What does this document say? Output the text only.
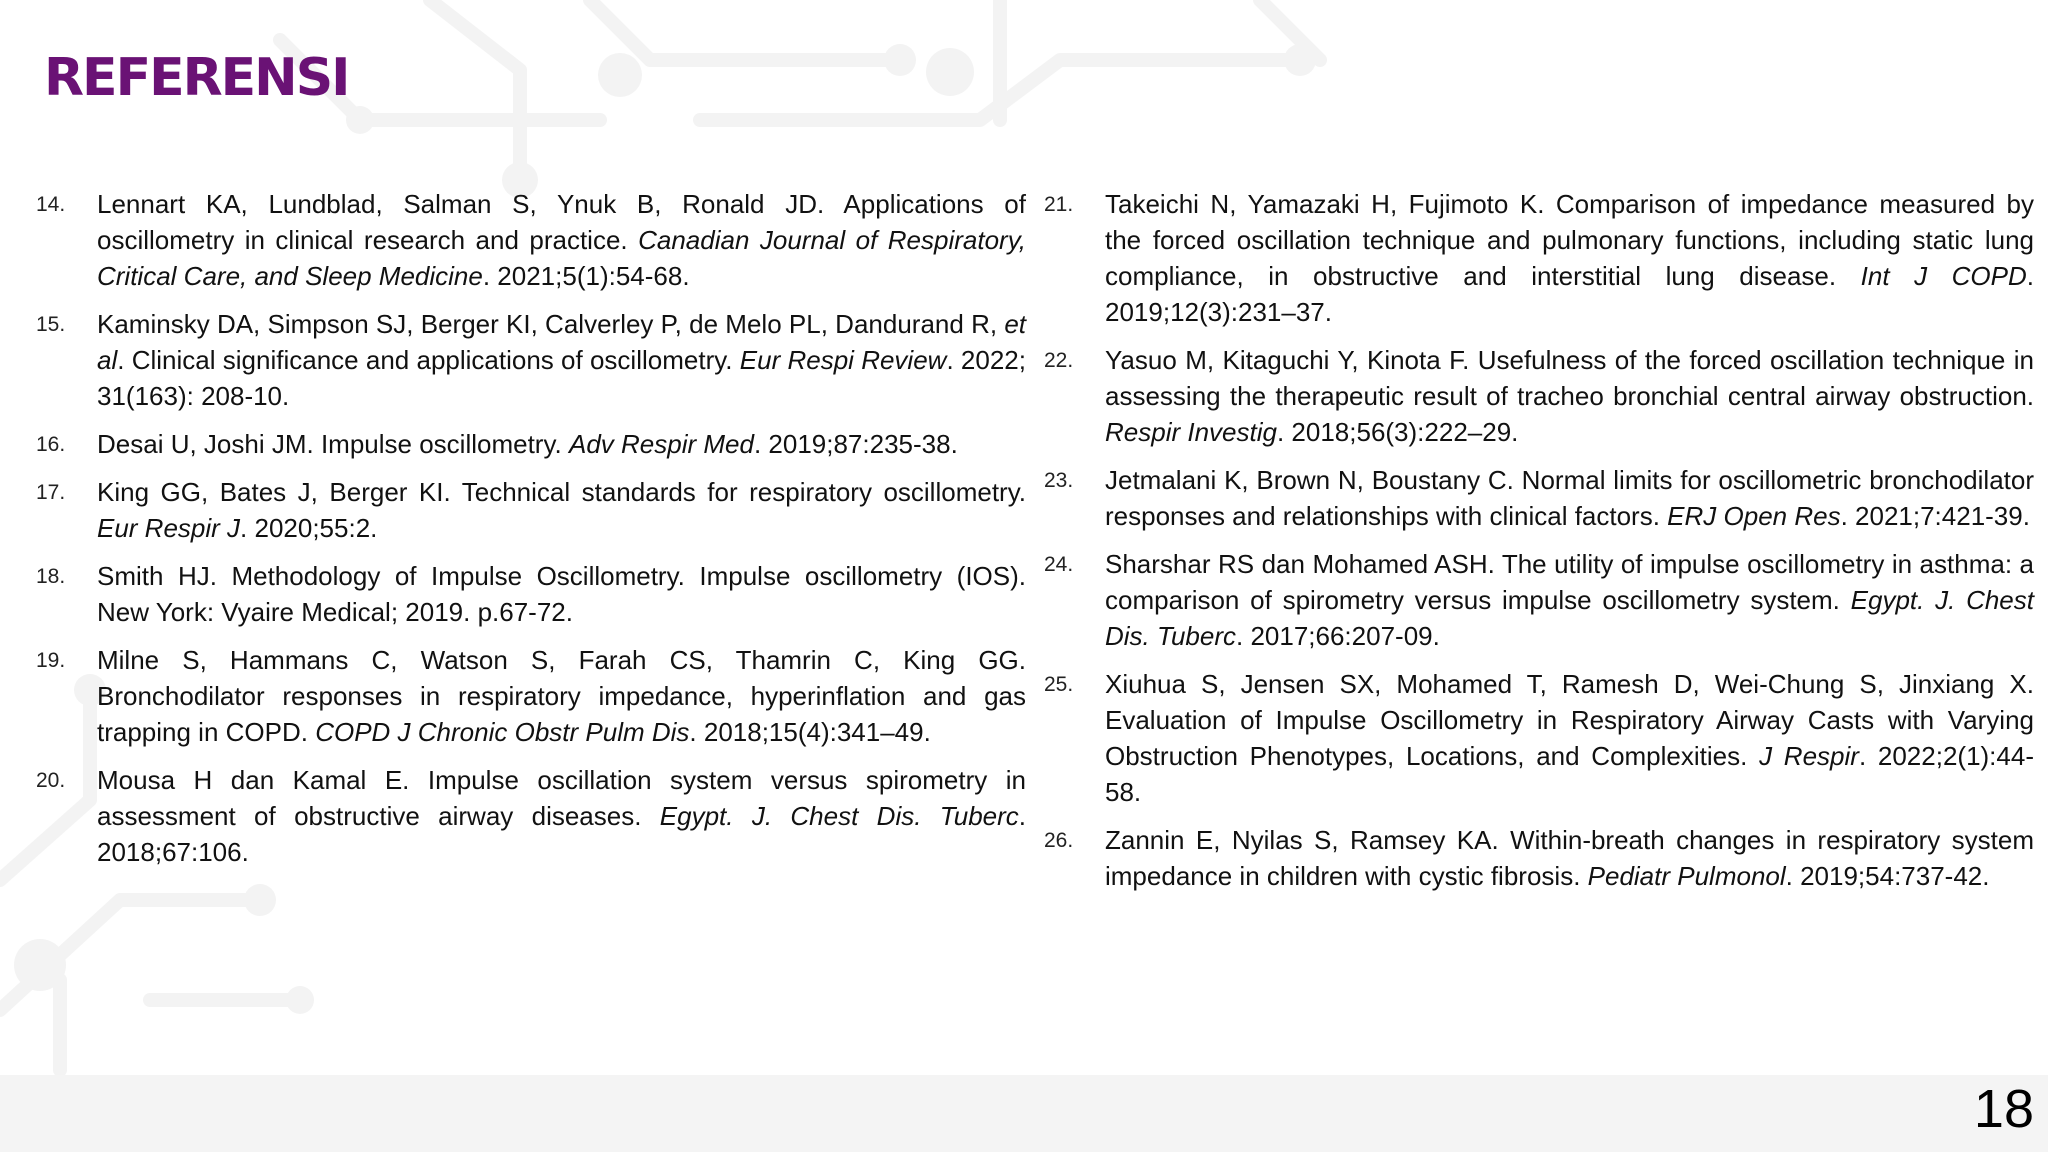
REFERENSI
14. Lennart KA, Lundblad, Salman S, Ynuk B, Ronald JD. Applications of oscillometry in clinical research and practice. Canadian Journal of Respiratory, Critical Care, and Sleep Medicine. 2021;5(1):54-68.
15. Kaminsky DA, Simpson SJ, Berger KI, Calverley P, de Melo PL, Dandurand R, et al. Clinical significance and applications of oscillometry. Eur Respi Review. 2022; 31(163): 208-10.
16. Desai U, Joshi JM. Impulse oscillometry. Adv Respir Med. 2019;87:235-38.
17. King GG, Bates J, Berger KI. Technical standards for respiratory oscillometry. Eur Respir J. 2020;55:2.
18. Smith HJ. Methodology of Impulse Oscillometry. Impulse oscillometry (IOS). New York: Vyaire Medical; 2019. p.67-72.
19. Milne S, Hammans C, Watson S, Farah CS, Thamrin C, King GG. Bronchodilator responses in respiratory impedance, hyperinflation and gas trapping in COPD. COPD J Chronic Obstr Pulm Dis. 2018;15(4):341–49.
20. Mousa H dan Kamal E. Impulse oscillation system versus spirometry in assessment of obstructive airway diseases. Egypt. J. Chest Dis. Tuberc. 2018;67:106.
21. Takeichi N, Yamazaki H, Fujimoto K. Comparison of impedance measured by the forced oscillation technique and pulmonary functions, including static lung compliance, in obstructive and interstitial lung disease. Int J COPD. 2019;12(3):231–37.
22. Yasuo M, Kitaguchi Y, Kinota F. Usefulness of the forced oscillation technique in assessing the therapeutic result of tracheo bronchial central airway obstruction. Respir Investig. 2018;56(3):222–29.
23. Jetmalani K, Brown N, Boustany C. Normal limits for oscillometric bronchodilator responses and relationships with clinical factors. ERJ Open Res. 2021;7:421-39.
24. Sharshar RS dan Mohamed ASH. The utility of impulse oscillometry in asthma: a comparison of spirometry versus impulse oscillometry system. Egypt. J. Chest Dis. Tuberc. 2017;66:207-09.
25. Xiuhua S, Jensen SX, Mohamed T, Ramesh D, Wei-Chung S, Jinxiang X. Evaluation of Impulse Oscillometry in Respiratory Airway Casts with Varying Obstruction Phenotypes, Locations, and Complexities. J Respir. 2022;2(1):44-58.
26. Zannin E, Nyilas S, Ramsey KA. Within-breath changes in respiratory system impedance in children with cystic fibrosis. Pediatr Pulmonol. 2019;54:737-42.
18
